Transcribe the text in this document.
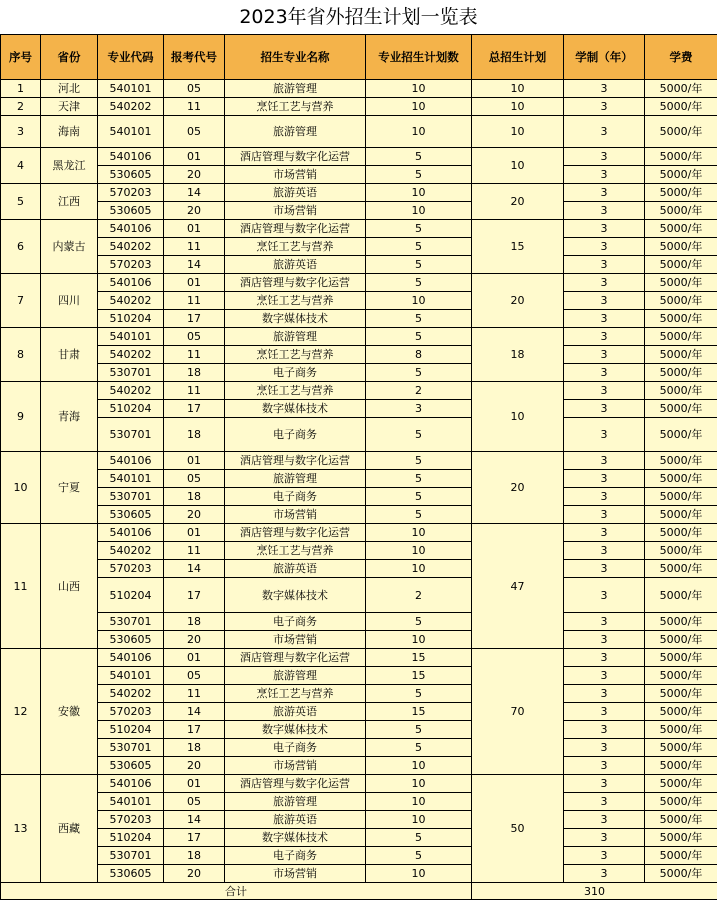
2023年省外招生计划一览表
序号	省份	专业代码	报考代号	招生专业名称	专业招生计划数	总招生计划	学制（年）	学费
1	河北	540101	05	旅游管理	10	10	3	5000/年
2	天津	540202	11	烹饪工艺与营养	10	10	3	5000/年
3	海南	540101	05	旅游管理	10	10	3	5000/年
4	黑龙江	540106	01	酒店管理与数字化运营	5	10	3	5000/年
		530605	20	市场营销	5		3	5000/年
5	江西	570203	14	旅游英语	10	20	3	5000/年
		530605	20	市场营销	10		3	5000/年
6	内蒙古	540106	01	酒店管理与数字化运营	5	15	3	5000/年
		540202	11	烹饪工艺与营养	5		3	5000/年
		570203	14	旅游英语	5		3	5000/年
7	四川	540106	01	酒店管理与数字化运营	5	20	3	5000/年
		540202	11	烹饪工艺与营养	10		3	5000/年
		510204	17	数字媒体技术	5		3	5000/年
8	甘肃	540101	05	旅游管理	5	18	3	5000/年
		540202	11	烹饪工艺与营养	8		3	5000/年
		530701	18	电子商务	5		3	5000/年
9	青海	540202	11	烹饪工艺与营养	2	10	3	5000/年
		510204	17	数字媒体技术	3		3	5000/年
		530701	18	电子商务	5		3	5000/年
10	宁夏	540106	01	酒店管理与数字化运营	5	20	3	5000/年
		540101	05	旅游管理	5		3	5000/年
		530701	18	电子商务	5		3	5000/年
		530605	20	市场营销	5		3	5000/年
11	山西	540106	01	酒店管理与数字化运营	10	47	3	5000/年
		540202	11	烹饪工艺与营养	10		3	5000/年
		570203	14	旅游英语	10		3	5000/年
		510204	17	数字媒体技术	2		3	5000/年
		530701	18	电子商务	5		3	5000/年
		530605	20	市场营销	10		3	5000/年
12	安徽	540106	01	酒店管理与数字化运营	15	70	3	5000/年
		540101	05	旅游管理	15		3	5000/年
		540202	11	烹饪工艺与营养	5		3	5000/年
		570203	14	旅游英语	15		3	5000/年
		510204	17	数字媒体技术	5		3	5000/年
		530701	18	电子商务	5		3	5000/年
		530605	20	市场营销	10		3	5000/年
13	西藏	540106	01	酒店管理与数字化运营	10	50	3	5000/年
		540101	05	旅游管理	10		3	5000/年
		570203	14	旅游英语	10		3	5000/年
		510204	17	数字媒体技术	5		3	5000/年
		530701	18	电子商务	5		3	5000/年
		530605	20	市场营销	10		3	5000/年
合计						310		
